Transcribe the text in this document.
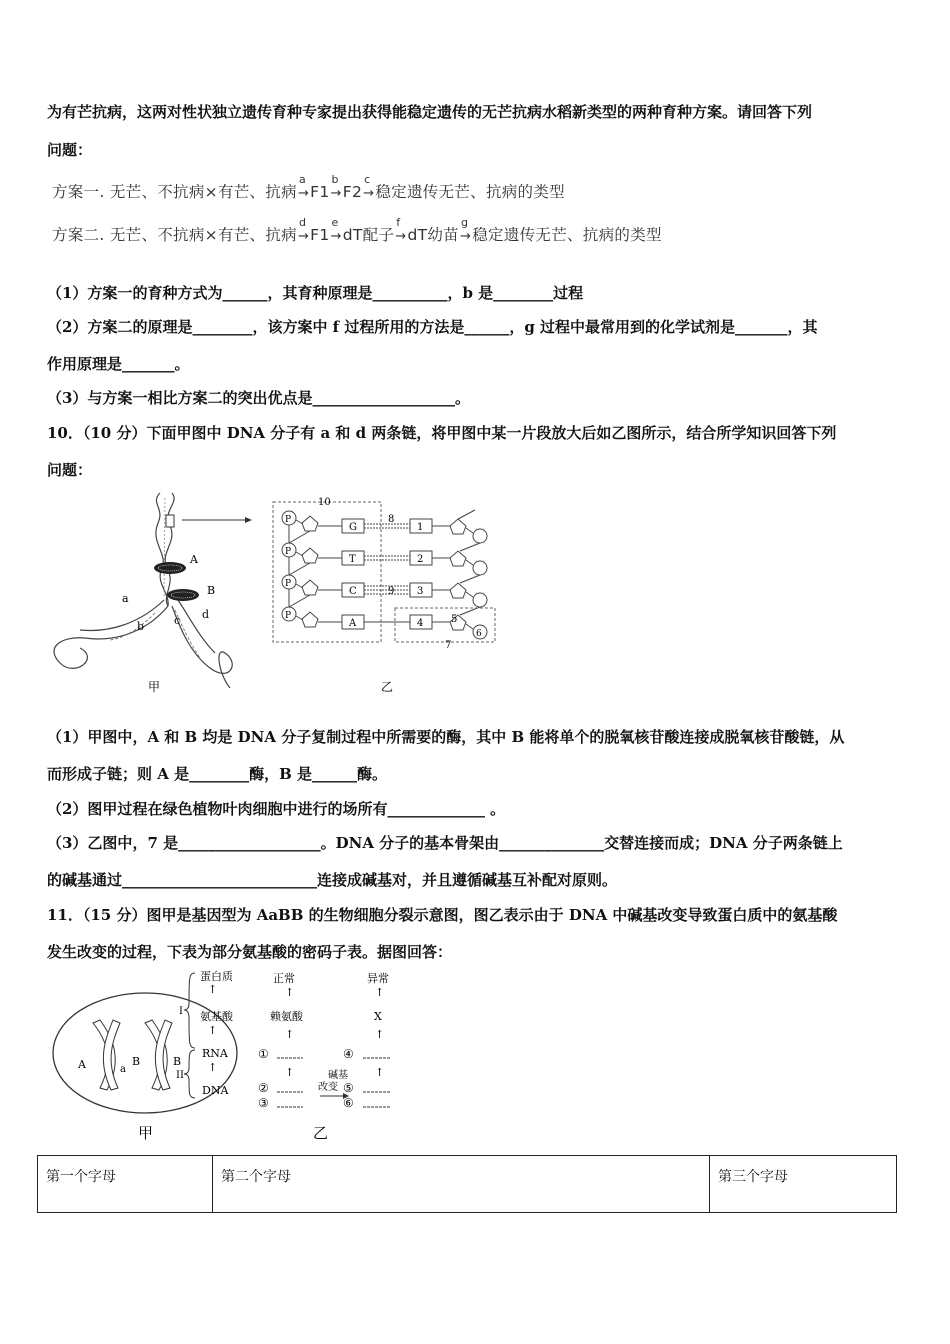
为有芒抗病，这两对性状独立遗传育种专家提出获得能稳定遗传的无芒抗病水稻新类型的两种育种方案。请回答下列
问题：
方案一. 无芒、不抗病×有芒、抗病
a
→F1
b
→F2
c
→稳定遗传无芒、抗病的类型
方案二. 无芒、不抗病×有芒、抗病
d
→F1
e
→dT配子
f
→dT幼苗
g
→稳定遗传无芒、抗病的类型
（1）方案一的育种方式为______，其育种原理是__________，b 是________过程
（2）方案二的原理是________，该方案中 f 过程所用的方法是______，g 过程中最常用到的化学试剂是_______，其
作用原理是_______。
（3）与方案一相比方案二的突出优点是___________________。
10．（10 分）下面甲图中 DNA 分子有 a 和 d 两条链，将甲图中某一片段放大后如乙图所示，结合所学知识回答下列
问题：
A
B
a
b	c d
甲
10
P
P
P
P
G
T
C
A
1
2
3
4
8
9
7
5
6
乙
（1）甲图中，A 和 B 均是 DNA 分子复制过程中所需要的酶，其中 B 能将单个的脱氧核苷酸连接成脱氧核苷酸链，从
而形成子链；则 A 是________酶，B 是______酶。
（2）图甲过程在绿色植物叶肉细胞中进行的场所有_____________ 。
（3）乙图中，7 是___________________。DNA 分子的基本骨架由______________交替连接而成；DNA 分子两条链上
的碱基通过__________________________连接成碱基对，并且遵循碱基互补配对原则。
11．（15 分）图甲是基因型为 AaBB 的生物细胞分裂示意图，图乙表示由于 DNA 中碱基改变导致蛋白质中的氨基酸
发生改变的过程，下表为部分氨基酸的密码子表。据图回答：
A	a
B	B
甲
蛋白质
↑
氨基酸
↑
RNA
↑
DNA
I
II
正常
↑
赖氨酸
↑
①
↑
②
③
碱基
改变
异常
↑
X
↑
④
↑
⑤
⑥
乙
第一个字母	第二个字母	第三个字母
